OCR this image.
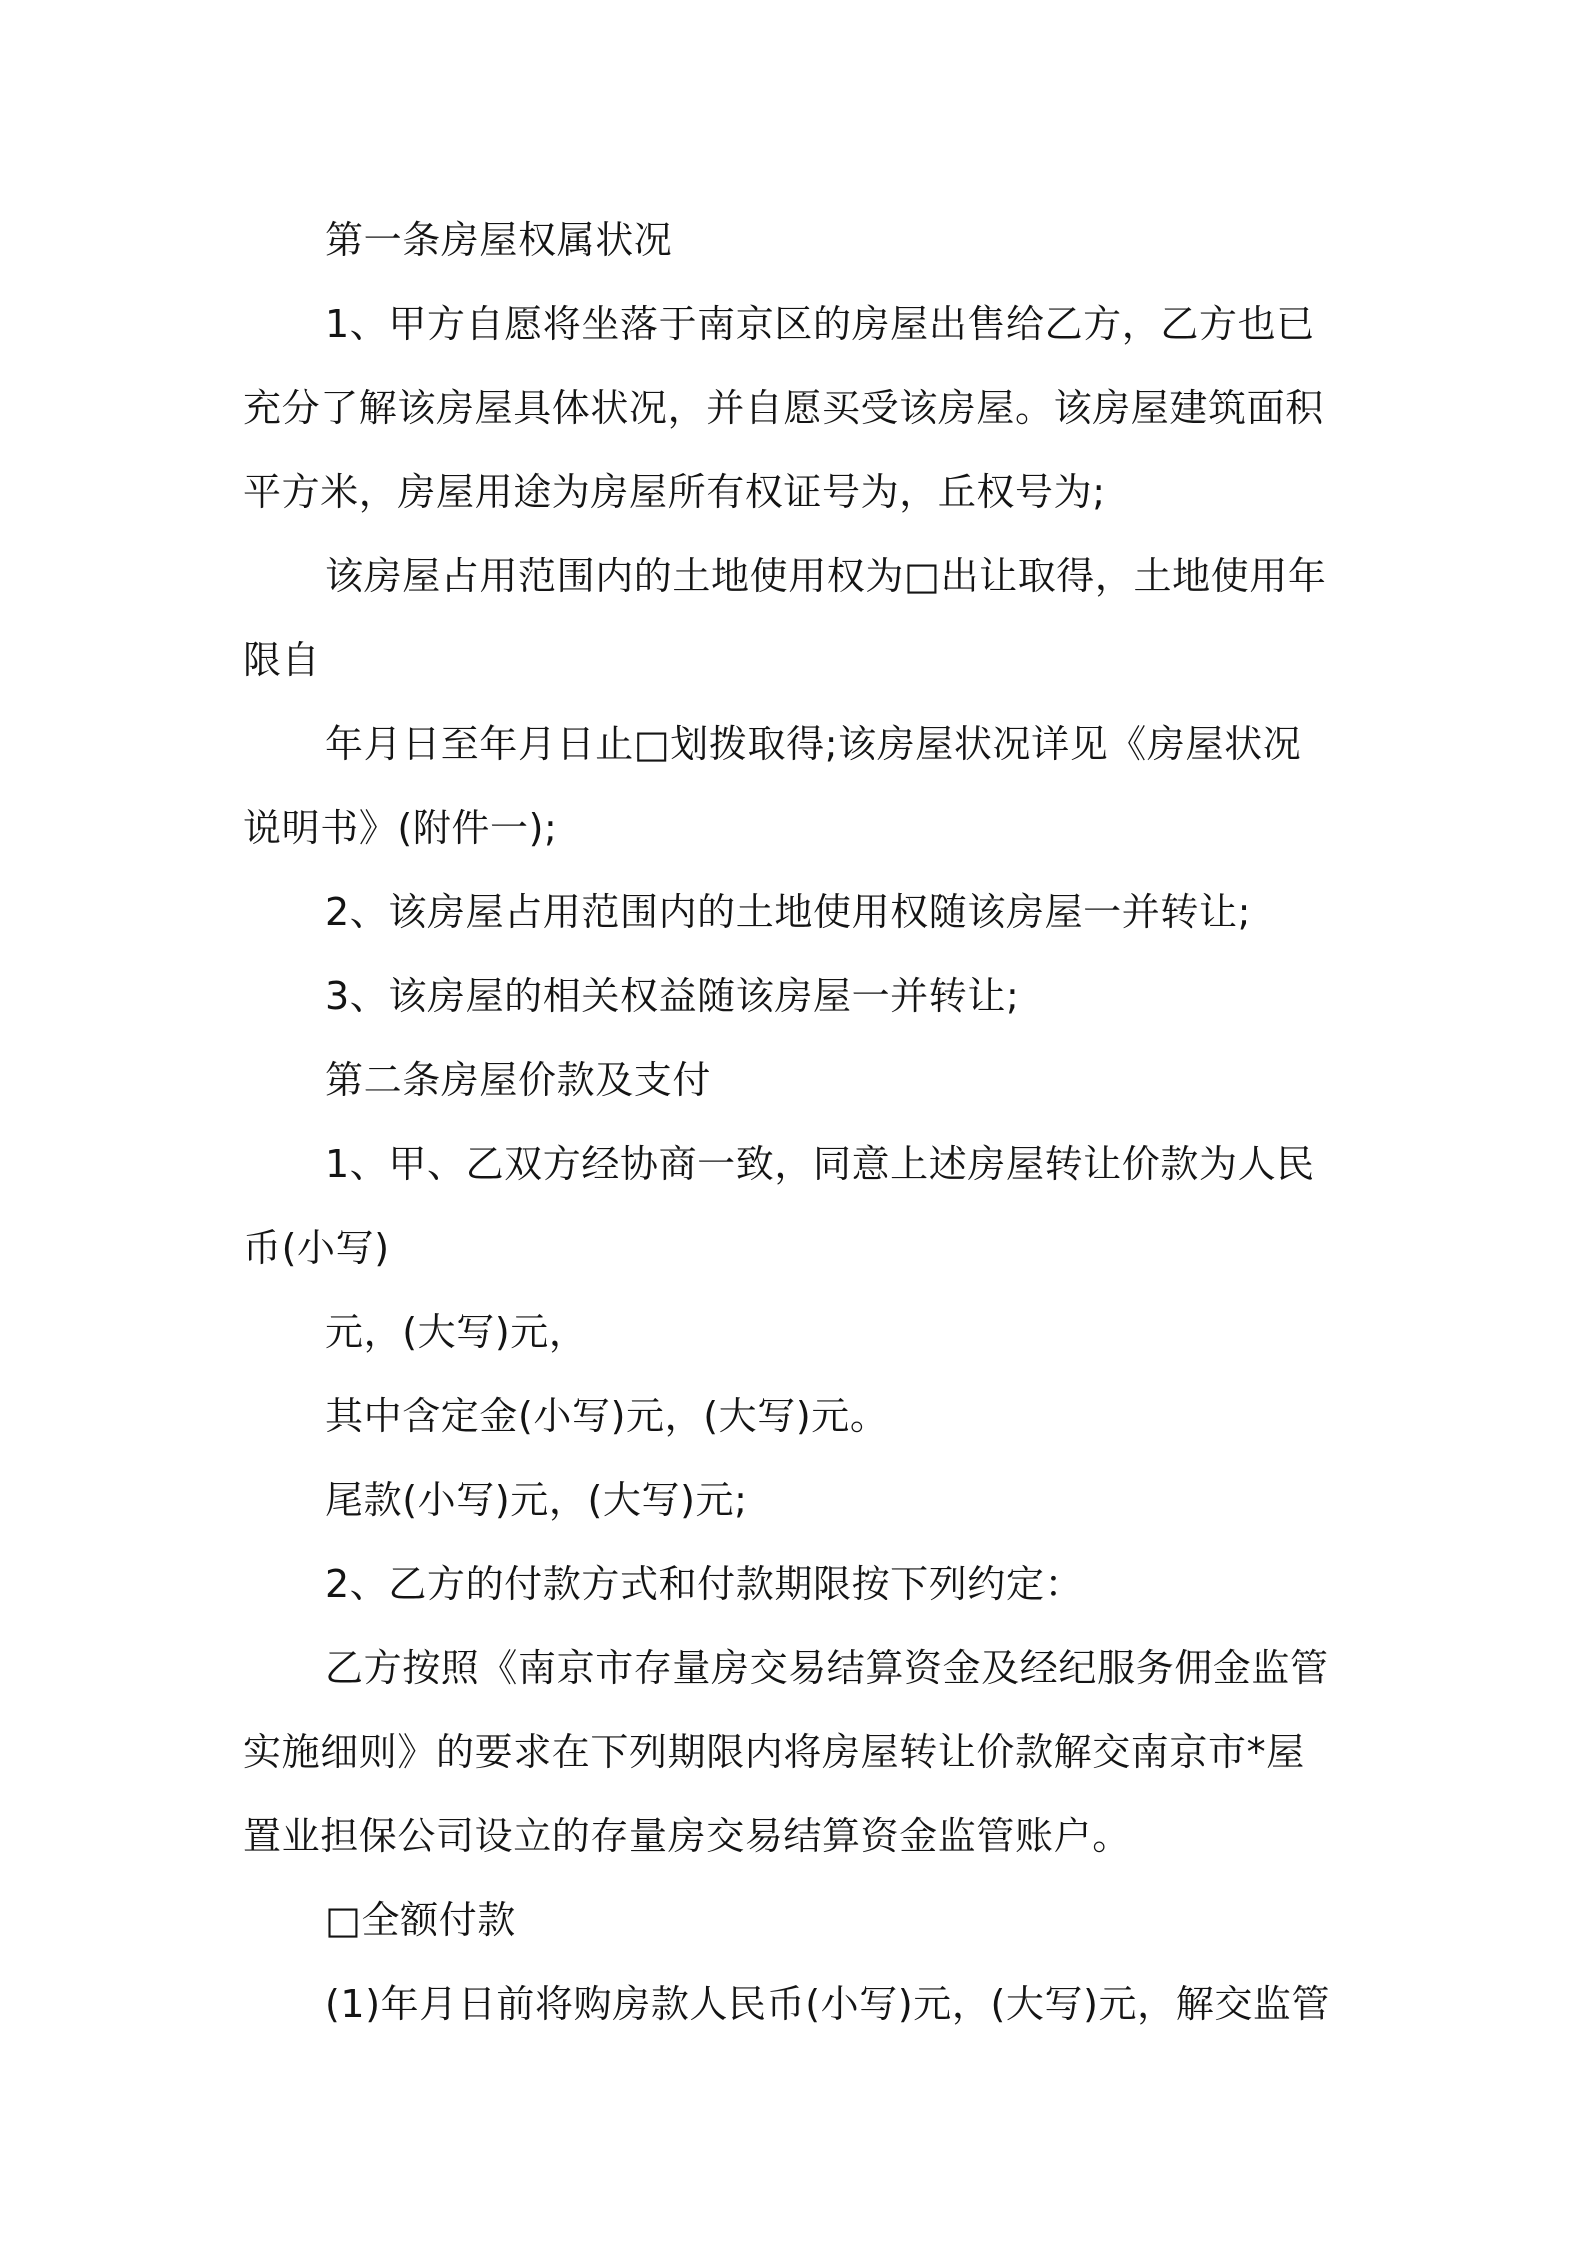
第一条房屋权属状况
1、甲方自愿将坐落于南京区的房屋出售给乙方，乙方也已
充分了解该房屋具体状况，并自愿买受该房屋。该房屋建筑面积
平方米，房屋用途为房屋所有权证号为，丘权号为;
该房屋占用范围内的土地使用权为□出让取得，土地使用年
限自
年月日至年月日止□划拨取得;该房屋状况详见《房屋状况
说明书》(附件一);
2、该房屋占用范围内的土地使用权随该房屋一并转让;
3、该房屋的相关权益随该房屋一并转让;
第二条房屋价款及支付
1、甲、乙双方经协商一致，同意上述房屋转让价款为人民
币(小写)
元，(大写)元，
其中含定金(小写)元，(大写)元。
尾款(小写)元，(大写)元;
2、乙方的付款方式和付款期限按下列约定：
乙方按照《南京市存量房交易结算资金及经纪服务佣金监管
实施细则》的要求在下列期限内将房屋转让价款解交南京市*屋
置业担保公司设立的存量房交易结算资金监管账户。
□全额付款
(1)年月日前将购房款人民币(小写)元，(大写)元，解交监管
